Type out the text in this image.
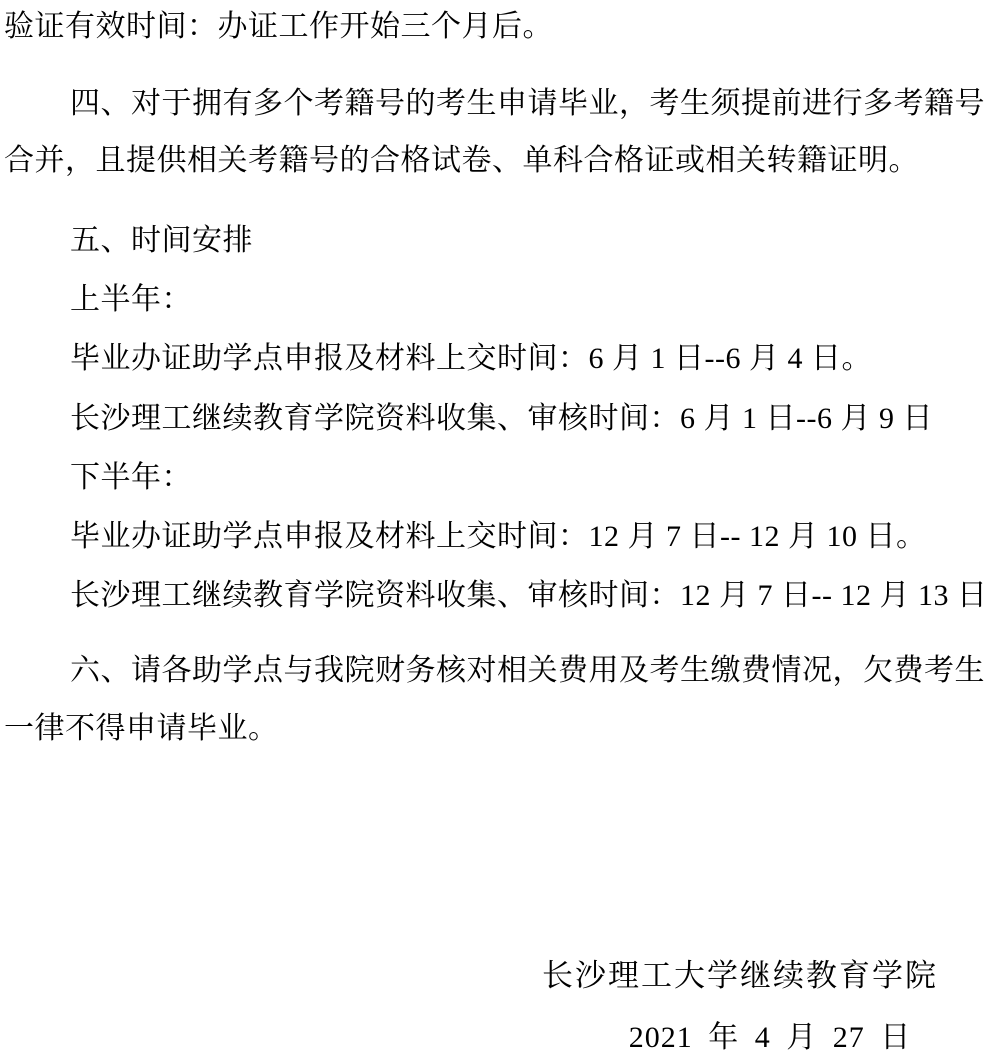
验证有效时间：办证工作开始三个月后。
四、对于拥有多个考籍号的考生申请毕业，考生须提前进行多考籍号
合并，且提供相关考籍号的合格试卷、单科合格证或相关转籍证明。
五、时间安排
上半年：
毕业办证助学点申报及材料上交时间：6 月 1 日--6 月 4 日。
长沙理工继续教育学院资料收集、审核时间：6 月 1 日--6 月 9 日
下半年：
毕业办证助学点申报及材料上交时间：12 月 7 日-- 12 月 10 日。
长沙理工继续教育学院资料收集、审核时间：12 月 7 日-- 12 月 13 日
六、请各助学点与我院财务核对相关费用及考生缴费情况，欠费考生
一律不得申请毕业。
长沙理工大学继续教育学院
2021 年 4 月 27 日
